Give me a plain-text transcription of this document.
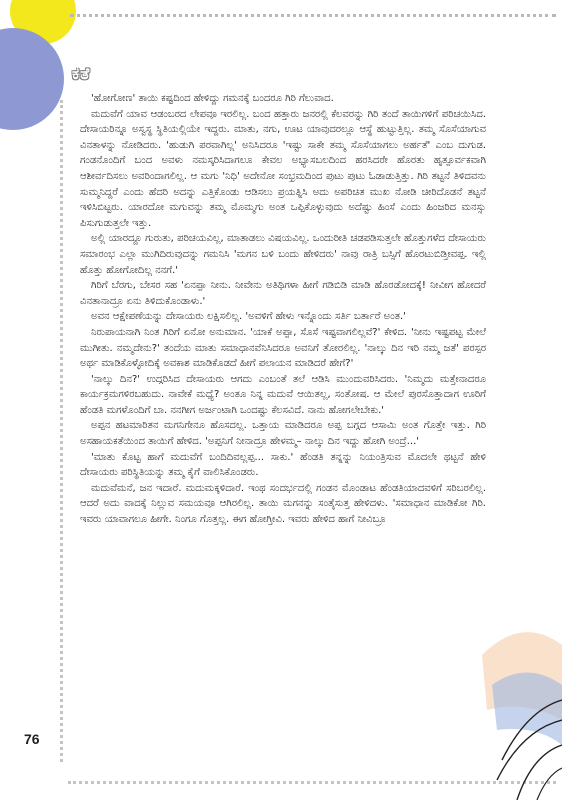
ಕತೆ

'ಹೋಗೋಣ' ತಾಯಿ ಕಷ್ಟದಿಂದ ಹೇಳಿದ್ದು ಗಮನಕ್ಕೆ ಬಂದರೂ ಗಿರಿ ಗೆಲುವಾದ.

ಮದುವೆಗೆ ಯಾವ ಆಡಂಬರದ ಲೇಪವೂ ಇರಲಿಲ್ಲ. ಬಂದ ಹತ್ತಾರು ಜನರಲ್ಲಿ ಕೆಲವರನ್ನು ಗಿರಿ ತಂದೆ ತಾಯಿಗಳಿಗೆ ಪರಿಚಯಿಸಿದ. ದೇಸಾಯರಿನ್ನೂ ಅಸ್ವಸ್ಥ ಸ್ಥಿತಿಯಲ್ಲಿಯೇ ಇದ್ದರು. ಮಾತು, ನಗು, ಊಟ ಯಾವುದರಲ್ಲೂ ಆಸ್ಥೆ ಹುಟ್ಟುತ್ತಿಲ್ಲ. ತಮ್ಮ ಸೊಸೆಯಾಗುವ ವಿನತಾಳನ್ನು ನೋಡಿದರು. 'ಹುಡುಗಿ ಪರವಾಗಿಲ್ಲ' ಅನಿಸಿದರೂ 'ಇಷ್ಟು ಸಾಕೇ ತಮ್ಮ ಸೊಸೆಯಾಗಲು ಅರ್ಹತೆ' ಎಂಬ ದುಗುಡ. ಗಂಡನೊಂದಿಗೆ ಬಂದ ಅವಳು ನಮಸ್ಕರಿಸಿದಾಗಲೂ ಕೇವಲ ಅಭ್ಯಾಸಬಲದಿಂದ ಹರಸಿದರೇ ಹೊರತು ಹೃತ್ಪೂರ್ವಕವಾಗಿ ಆಶೀರ್ವದಿಸಲು ಅವರಿಂದಾಗಲಿಲ್ಲ. ಆ ಮಗು 'ನಿಧಿ' ಅದೇನೋ ಸಂಭ್ರಮದಿಂದ ಪುಟು ಪುಟು ಓಡಾಡುತ್ತಿತ್ತು. ಗಿರಿ ತಟ್ಟನೆ ತಿಳಿದವನು ಸುಮ್ಮನಿದ್ದರೆ ಎಂದು ಹೆದರಿ ಅದನ್ನು ಎತ್ತಿಕೊಂಡು ಆಡಿಸಲು ಪ್ರಯತ್ನಿಸಿ ಅದು ಅಪರಿಚಿತ ಮುಖ ನೋಡಿ ಚೀರಿದೊಡನೆ ತಟ್ಟನೆ ಇಳಿಸಿಬಿಟ್ಟರು. ಯಾರದೋ ಮಗುವನ್ನು ತಮ್ಮ ಮೊಮ್ಮಗು ಅಂತ ಒಪ್ಪಿಕೊಳ್ಳುವುದು ಅದೆಷ್ಟು ಹಿಂಸೆ ಎಂದು ಹಿಂಜರಿದ ಮನಸ್ಸು ಪಿಸುಗುಡುತ್ತಲೇ ಇತ್ತು.

ಅಲ್ಲಿ ಯಾರದ್ದೂ ಗುರುತು, ಪರಿಚಯವಿಲ್ಲ, ಮಾತಾಡಲು ವಿಷಯವಿಲ್ಲ. ಒಂದುರೀತಿ ಚಡಪಡಿಸುತ್ತಲೇ ಹೊತ್ತುಗಳೆದ ದೇಸಾಯರು ಸಮಾರಂಭ ಎಲ್ಲಾ ಮುಗಿದಿರುವುದನ್ನು ಗಮನಿಸಿ 'ಮಗನ ಬಳಿ ಬಂದು ಹೇಳಿದರು' ನಾವು ರಾತ್ರಿ ಬಸ್ಸಿಗೆ ಹೊರಟುಬಿಡ್ತೀವಪ್ಪ. ಇಲ್ಲಿ ಹೊತ್ತು ಹೋಗೋದಿಲ್ಲ ನನಗೆ.'

ಗಿರಿಗೆ ಬೆರಗು, ಬೇಸರ ಸಹ 'ಏನಪ್ಪಾ ನೀನು. ನೀವೇನು ಅತಿಥಿಗಳಾ ಹೀಗೆ ಗಡಿಬಿಡಿ ಮಾಡಿ ಹೊರಡೋದಕ್ಕೆ! ನೀವೀಗ ಹೋದರೆ ವಿನತಾನಾದ್ರೂ ಏನು ತಿಳಿದುಕೊಂಡಾಳು.'

ಅವನ ಆಕ್ಷೇಪಣೆಯನ್ನು ದೇಸಾಯರು ಲಕ್ಷಿಸಲಿಲ್ಲ. 'ಅವಳಿಗೆ ಹೇಳು ಇನ್ನೊಂದು ಸರ್ತಿ ಬರ್ತಾರೆ ಅಂತ.'

ನಿರುಪಾಯನಾಗಿ ನಿಂತ ಗಿರಿಗೆ ಏನೋ ಅನುಮಾನ. 'ಯಾಕೆ ಅಪ್ಪಾ, ಸೊಸೆ ಇಷ್ಟವಾಗಲಿಲ್ಲವೆ?' ಕೇಳಿದ. 'ನೀನು ಇಷ್ಟಪಟ್ಟ ಮೇಲೆ ಮುಗೀತು. ನಮ್ಮದೇನು?' ತಂದೆಯ ಮಾತು ಸಮಾಧಾನವೆನಿಸಿದರೂ ಅವನಿಗೆ ತೋರಲಿಲ್ಲ. 'ನಾಲ್ಕು ದಿನ ಇರಿ ನಮ್ಮ ಜತೆ' ಪರಸ್ಪರ ಅರ್ಥ ಮಾಡಿಕೊಳ್ಳೋದಿಕ್ಕೆ ಅವಕಾಶ ಮಾಡಿಕೊಡದೆ ಹೀಗೆ ಪಲಾಯನ ಮಾಡಿದರೆ ಹೇಗೆ?'

'ನಾಲ್ಕು ದಿನ?' ಉದ್ಗರಿಸಿದ ದೇಸಾಯರು ಆಗದು ಎಂಬಂತೆ ತಲೆ ಆಡಿಸಿ ಮುಂದುವರಿಸಿದರು. 'ನಿಮ್ಮದು ಮತ್ತೇನಾದರೂ ಕಾರ್ಯಕ್ರಮಗಳಿರಬಹುದು. ನಾವೇಕೆ ಮಧ್ಯೆ? ಅಂತೂ ನಿನ್ನ ಮದುವೆ ಆಯಿತಲ್ಲ, ಸಂತೋಷ. ಆ ಮೇಲೆ ಪುರಸೊತ್ತಾದಾಗ ಊರಿಗೆ ಹೆಂಡತಿ ಮಗಳೊಂದಿಗೆ ಬಾ. ನನಗೀಗ ಅರ್ಜಂಟಾಗಿ ಒಂದಷ್ಟು ಕೆಲಸವಿದೆ. ನಾನು ಹೋಗಲೇಬೇಕು.'

ಅಪ್ಪನ ಹಟಮಾರಿತನ ಮಗನಿಗೇನೂ ಹೊಸದಲ್ಲ. ಒತ್ತಾಯ ಮಾಡಿದರೂ ಅಪ್ಪ ಬಗ್ಗದ ಆಸಾಮಿ ಅಂತ ಗೊತ್ತೇ ಇತ್ತು. ಗಿರಿ ಅಸಹಾಯಕತೆಯಿಂದ ತಾಯಿಗೆ ಹೇಳಿದ. 'ಅಪ್ಪನಿಗೆ ನೀನಾದ್ರೂ ಹೇಳಮ್ಮ– ನಾಲ್ಕು ದಿನ ಇದ್ದು ಹೋಗಿ ಅಂದ್ರೆ...'

'ಮಾತು ಕೊಟ್ಟ ಹಾಗೆ ಮದುವೆಗೆ ಬಂದಿದಿವಲ್ಲಪ್ಪ... ಸಾಕು.' ಹೆಂಡತಿ ತನ್ನನ್ನು ನಿಯಂತ್ರಿಸುವ ಮೊದಲೇ ಥಟ್ಟನೆ ಹೇಳಿ ದೇಸಾಯರು ಪರಿಸ್ಥಿತಿಯನ್ನು ತಮ್ಮ ಕೈಗೆ ವಾಲಿಸಿಕೊಂಡರು.

ಮದುವೆಮನೆ, ಜನ ಇದಾರೆ. ಮದುಮಕ್ಕಳಿದಾರೆ. ಇಂಥ ಸಂದರ್ಭದಲ್ಲಿ ಗಂಡನ ಮೊಂಡಾಟ ಹೆಂಡತಿಯಾದವಳಿಗೆ ಸರಿಬರಲಿಲ್ಲ. ಆದರೆ ಅದು ವಾದಕ್ಕೆ ನಿಲ್ಲುವ ಸಮಯವೂ ಆಗಿರಲಿಲ್ಲ. ತಾಯಿ ಮಗನನ್ನು ಸಂತೈಸುತ್ತ ಹೇಳಿದಳು. 'ಸಮಾಧಾನ ಮಾಡಿಕೋ ಗಿರಿ. ಇವರು ಯಾವಾಗಲೂ ಹೀಗೇ. ನಿಂಗೂ ಗೊತ್ತಲ್ಲ. ಈಗ ಹೋಗ್ತೀವಿ. ಇವರು ಹೇಳಿದ ಹಾಗೆ ನೀವಿಬ್ರೂ

76
